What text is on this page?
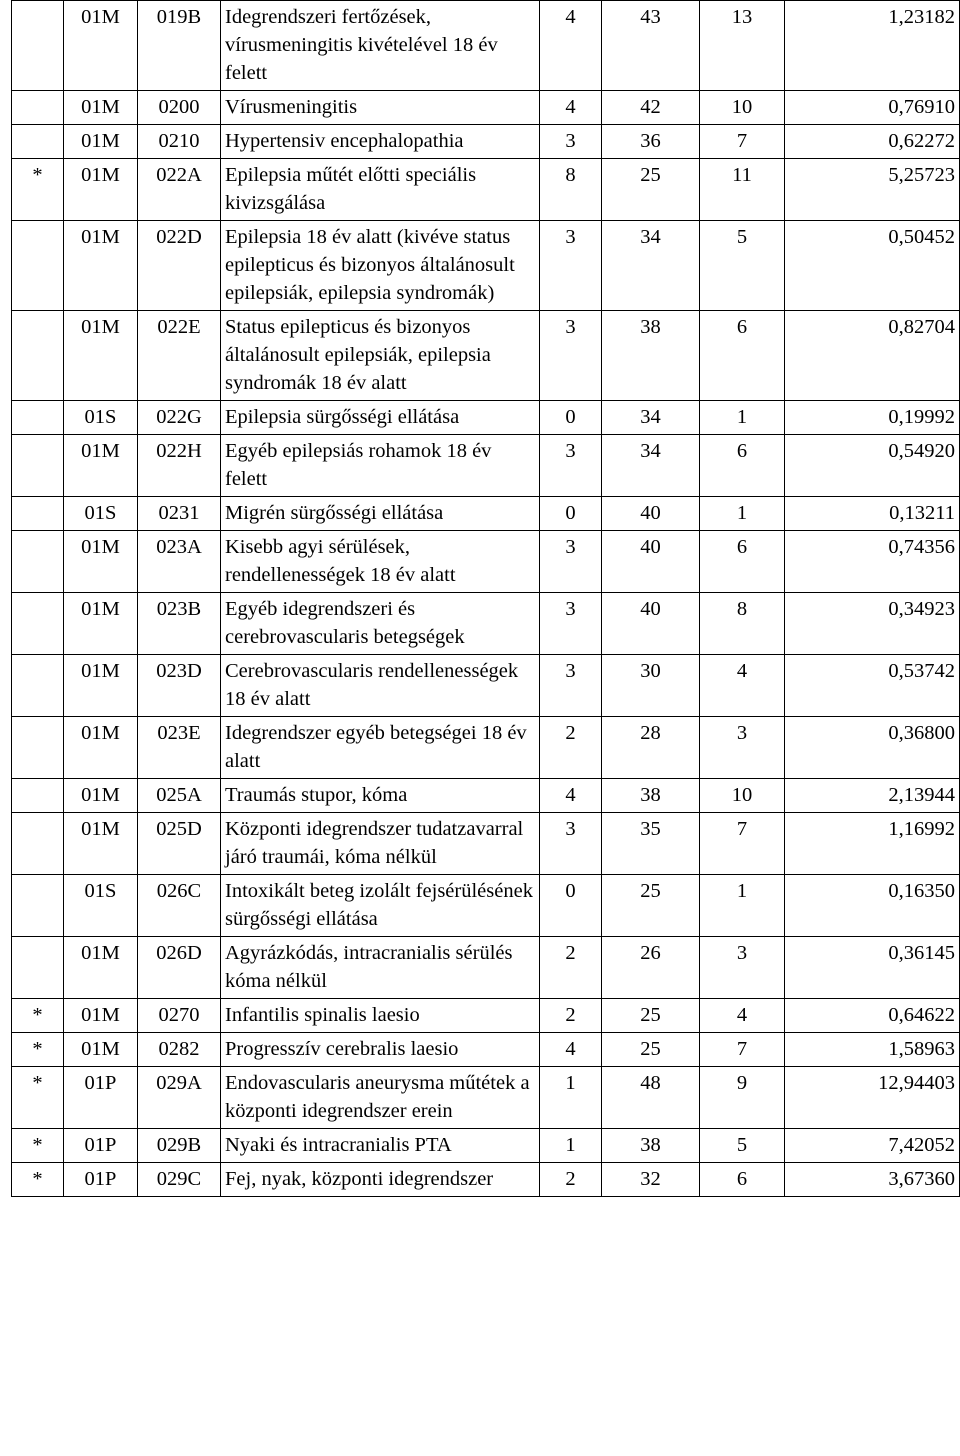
	01M	019B	Idegrendszeri fertőzések, vírusmeningitis kivételével 18 év felett	4	43	13	1,23182
	01M	0200	Vírusmeningitis	4	42	10	0,76910
	01M	0210	Hypertensiv encephalopathia	3	36	7	0,62272
*	01M	022A	Epilepsia műtét előtti speciális kivizsgálása	8	25	11	5,25723
	01M	022D	Epilepsia 18 év alatt (kivéve status epilepticus és bizonyos általánosult epilepsiák, epilepsia syndromák)	3	34	5	0,50452
	01M	022E	Status epilepticus és bizonyos általánosult epilepsiák, epilepsia syndromák 18 év alatt	3	38	6	0,82704
	01S	022G	Epilepsia sürgősségi ellátása	0	34	1	0,19992
	01M	022H	Egyéb epilepsiás rohamok 18 év felett	3	34	6	0,54920
	01S	0231	Migrén sürgősségi ellátása	0	40	1	0,13211
	01M	023A	Kisebb agyi sérülések, rendellenességek 18 év alatt	3	40	6	0,74356
	01M	023B	Egyéb idegrendszeri és cerebrovascularis betegségek	3	40	8	0,34923
	01M	023D	Cerebrovascularis rendellenességek 18 év alatt	3	30	4	0,53742
	01M	023E	Idegrendszer egyéb betegségei 18 év alatt	2	28	3	0,36800
	01M	025A	Traumás stupor, kóma	4	38	10	2,13944
	01M	025D	Központi idegrendszer tudatzavarral járó traumái, kóma nélkül	3	35	7	1,16992
	01S	026C	Intoxikált beteg izolált fejsérülésének sürgősségi ellátása	0	25	1	0,16350
	01M	026D	Agyrázkódás, intracranialis sérülés kóma nélkül	2	26	3	0,36145
*	01M	0270	Infantilis spinalis laesio	2	25	4	0,64622
*	01M	0282	Progresszív cerebralis laesio	4	25	7	1,58963
*	01P	029A	Endovascularis aneurysma műtétek a központi idegrendszer erein	1	48	9	12,94403
*	01P	029B	Nyaki és intracranialis PTA	1	38	5	7,42052
*	01P	029C	Fej, nyak, központi idegrendszer	2	32	6	3,67360
